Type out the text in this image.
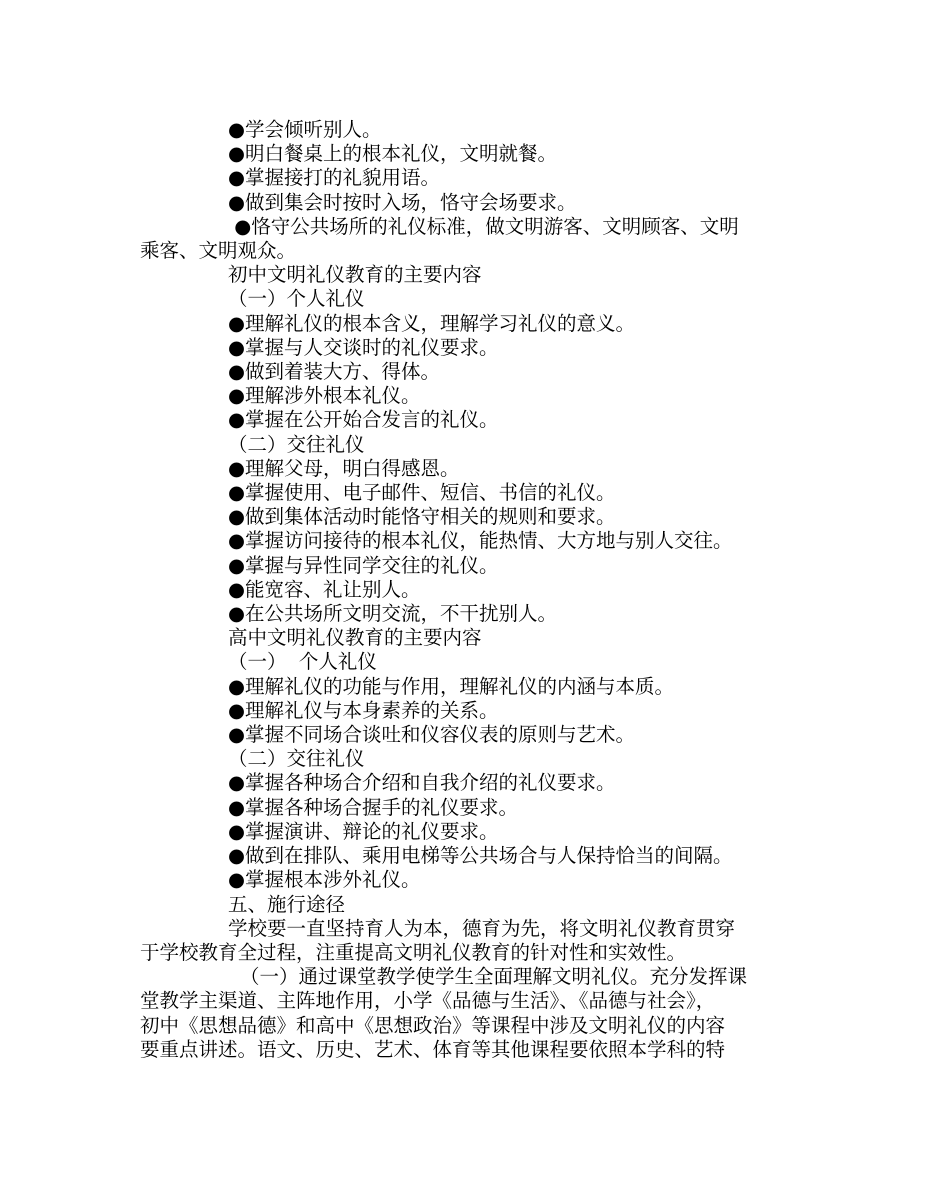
●学会倾听别人。
●明白餐桌上的根本礼仪，文明就餐。
●掌握接打的礼貌用语。
●做到集会时按时入场，恪守会场要求。
●恪守公共场所的礼仪标准，做文明游客、文明顾客、文明
乘客、文明观众。
初中文明礼仪教育的主要内容
（一）个人礼仪
●理解礼仪的根本含义，理解学习礼仪的意义。
●掌握与人交谈时的礼仪要求。
●做到着装大方、得体。
●理解涉外根本礼仪。
●掌握在公开始合发言的礼仪。
（二）交往礼仪
●理解父母，明白得感恩。
●掌握使用、电子邮件、短信、书信的礼仪。
●做到集体活动时能恪守相关的规则和要求。
●掌握访问接待的根本礼仪，能热情、大方地与别人交往。
●掌握与异性同学交往的礼仪。
●能宽容、礼让别人。
●在公共场所文明交流，不干扰别人。
高中文明礼仪教育的主要内容
（一）  个人礼仪
●理解礼仪的功能与作用，理解礼仪的内涵与本质。
●理解礼仪与本身素养的关系。
●掌握不同场合谈吐和仪容仪表的原则与艺术。
（二）交往礼仪
●掌握各种场合介绍和自我介绍的礼仪要求。
●掌握各种场合握手的礼仪要求。
●掌握演讲、辩论的礼仪要求。
●做到在排队、乘用电梯等公共场合与人保持恰当的间隔。
●掌握根本涉外礼仪。
五、施行途径
学校要一直坚持育人为本，德育为先，将文明礼仪教育贯穿
于学校教育全过程，注重提高文明礼仪教育的针对性和实效性。
（一）通过课堂教学使学生全面理解文明礼仪。充分发挥课
堂教学主渠道、主阵地作用，小学《品德与生活》、《品德与社会》，
初中《思想品德》和高中《思想政治》等课程中涉及文明礼仪的内容
要重点讲述。语文、历史、艺术、体育等其他课程要依照本学科的特
